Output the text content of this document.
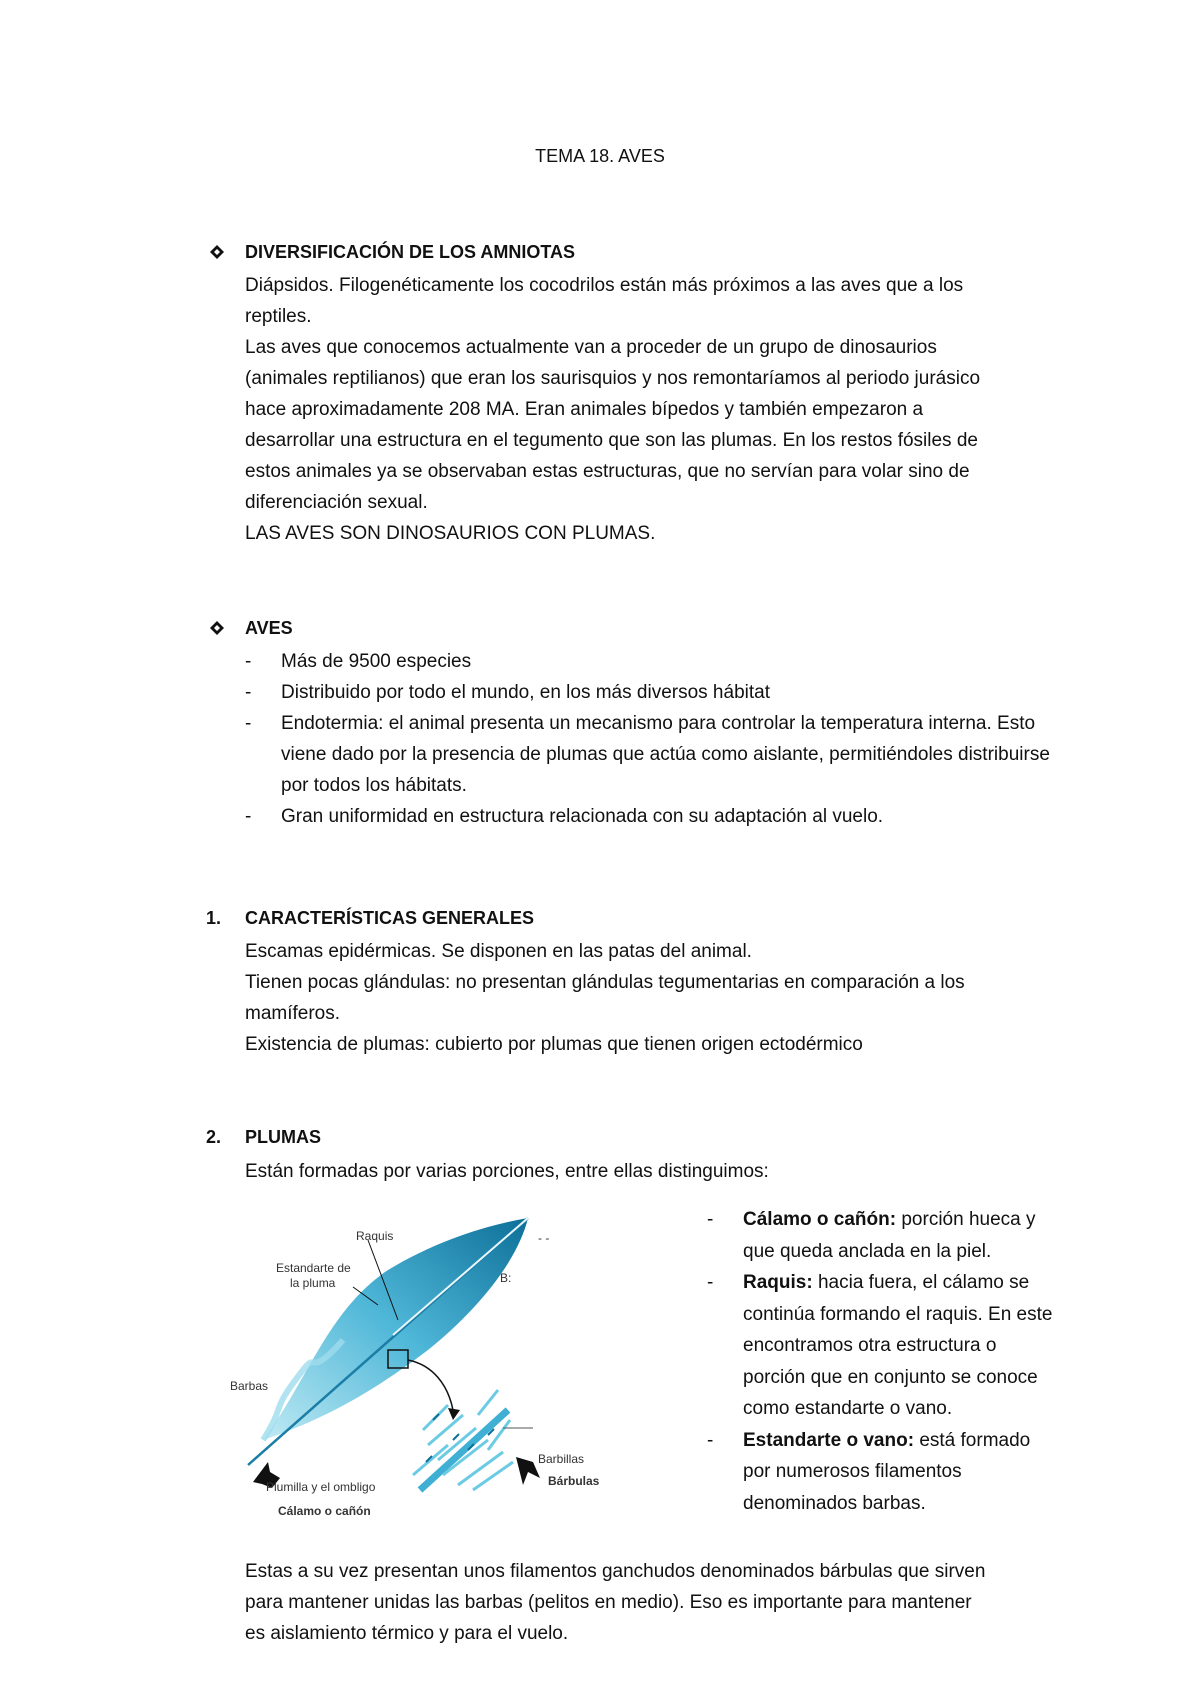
TEMA 18. AVES
DIVERSIFICACIÓN DE LOS AMNIOTAS
Diápsidos. Filogenéticamente los cocodrilos están más próximos a las aves que a los
reptiles.
Las aves que conocemos actualmente van a proceder de un grupo de dinosaurios
(animales reptilianos) que eran los saurisquios y nos remontaríamos al periodo jurásico
hace aproximadamente 208 MA. Eran animales bípedos y también empezaron a
desarrollar una estructura en el tegumento que son las plumas. En los restos fósiles de
estos animales ya se observaban estas estructuras, que no servían para volar sino de
diferenciación sexual.
LAS AVES SON DINOSAURIOS CON PLUMAS.
AVES
- Más de 9500 especies
- Distribuido por todo el mundo, en los más diversos hábitat
- Endotermia: el animal presenta un mecanismo para controlar la temperatura interna. Esto viene dado por la presencia de plumas que actúa como aislante, permitiéndoles distribuirse por todos los hábitats.
- Gran uniformidad en estructura relacionada con su adaptación al vuelo.
1. CARACTERÍSTICAS GENERALES
Escamas epidérmicas. Se disponen en las patas del animal.
Tienen pocas glándulas: no presentan glándulas tegumentarias en comparación a los
mamíferos.
Existencia de plumas: cubierto por plumas que tienen origen ectodérmico
2. PLUMAS
Están formadas por varias porciones, entre ellas distinguimos:
Raquis
Estandarte de
la pluma
Barbas
B:
Plumilla y el ombligo
Cálamo o cañón
Barbillas
Bárbulas
- -
- Cálamo o cañón: porción hueca y que queda anclada en la piel.
- Raquis: hacia fuera, el cálamo se continúa formando el raquis. En este encontramos otra estructura o porción que en conjunto se conoce como estandarte o vano.
- Estandarte o vano: está formado por numerosos filamentos denominados barbas.
Estas a su vez presentan unos filamentos ganchudos denominados bárbulas que sirven
para mantener unidas las barbas (pelitos en medio). Eso es importante para mantener
es aislamiento térmico y para el vuelo.
